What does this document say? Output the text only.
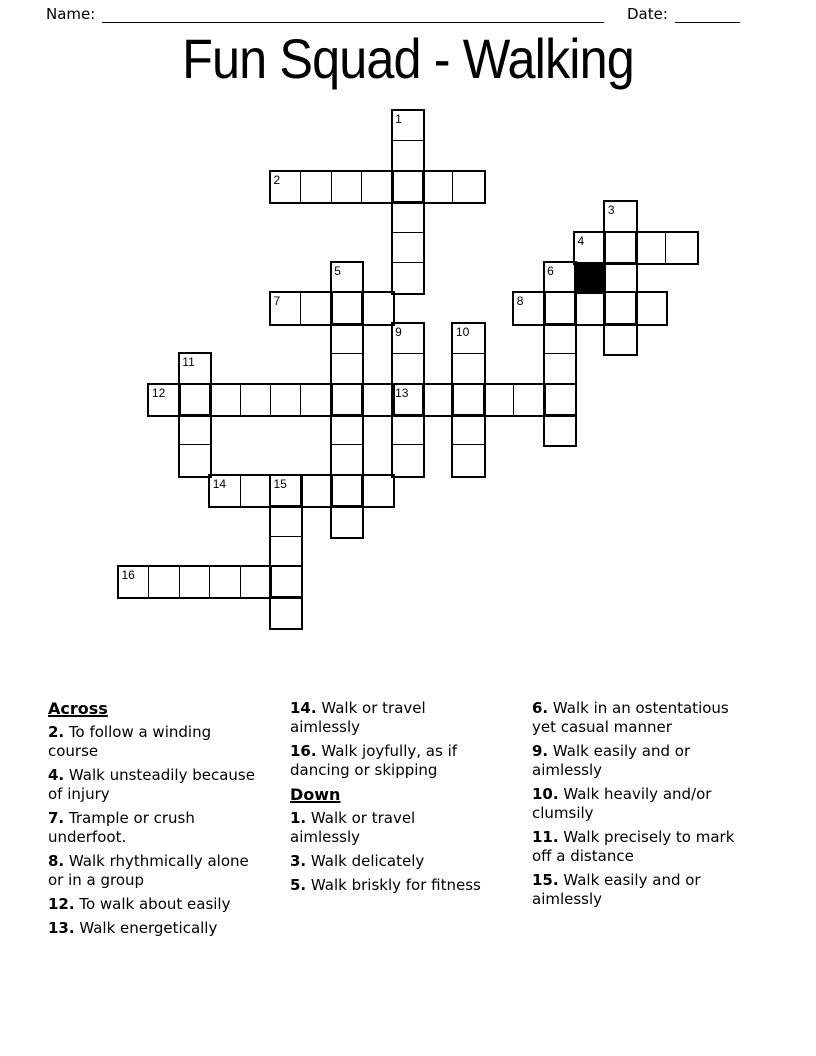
Name:	Date:
Fun Squad - Walking
1
2
3
4
5	6
7	8
9	10
11
12	13
14	15
16
Across

2. To follow a winding course

4. Walk unsteadily because of injury

7. Trample or crush underfoot.

8. Walk rhythmically alone or in a group

12. To walk about easily

13. Walk energetically

14. Walk or travel aimlessly

16. Walk joyfully, as if dancing or skipping

Down

1. Walk or travel aimlessly

3. Walk delicately

5. Walk briskly for fitness

6. Walk in an ostentatious yet casual manner

9. Walk easily and or aimlessly

10. Walk heavily and/or clumsily

11. Walk precisely to mark off a distance

15. Walk easily and or aimlessly
